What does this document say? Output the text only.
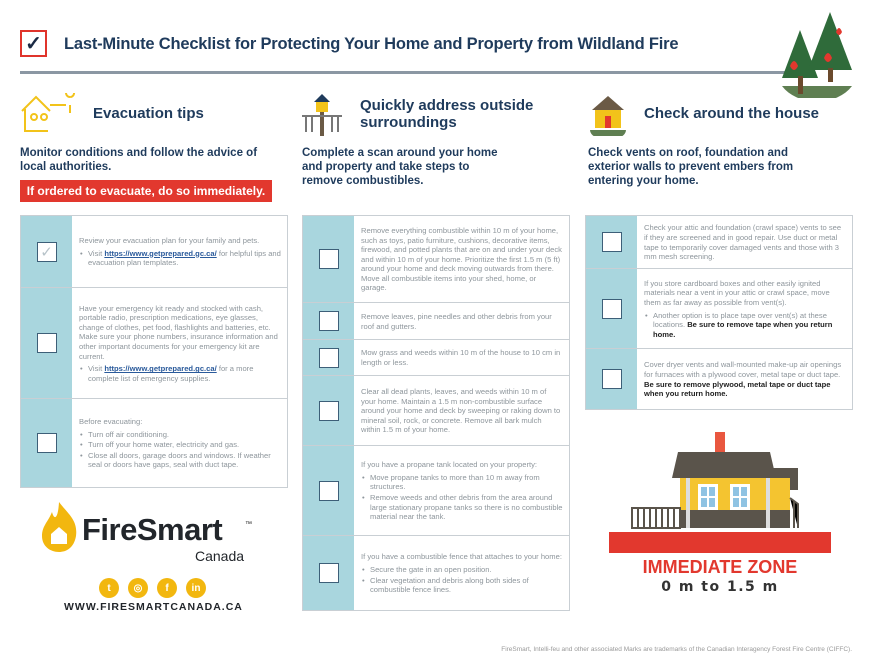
✓	Last-Minute Checklist for Protecting Your Home and Property from Wildland Fire
Evacuation tips	Quickly address outside surroundings
Check around the house
Monitor conditions and follow the advice of local authorities.
Complete a scan around your home and property and take steps to remove combustibles.
Check vents on roof, foundation and exterior walls to prevent embers from entering your home.
If ordered to evacuate, do so immediately.
✓
Review your evacuation plan for your family and pets.
• Visit https://www.getprepared.gc.ca/ for helpful tips and evacuation plan templates.
Have your emergency kit ready and stocked with cash, portable radio, prescription medications, eye glasses, change of clothes, pet food, flashlights and batteries, etc. Make sure your phone numbers, insurance information and other important documents for your emergency kit are current.
• Visit https://www.getprepared.gc.ca/ for a more complete list of emergency supplies.
Before evacuating:
• Turn off air conditioning.
• Turn off your home water, electricity and gas.
• Close all doors, garage doors and windows. If weather seal or doors have gaps, seal with duct tape.
Remove everything combustible within 10 m of your home, such as toys, patio furniture, cushions, decorative items, firewood, and potted plants that are on and under your deck and within 10 m of your home. Prioritize the first 1.5 m (5 ft) around your home and deck moving outwards from there. Move all combustible items into your shed, home, or garage.
Remove leaves, pine needles and other debris from your roof and gutters.
Mow grass and weeds within 10 m of the house to 10 cm in length or less.
Clear all dead plants, leaves, and weeds within 10 m of your home. Maintain a 1.5 m non-combustible surface around your home and deck by sweeping or raking down to mineral soil, rock, or concrete. Remove all bark mulch within 1.5 m of your home.
If you have a propane tank located on your property:
• Move propane tanks to more than 10 m away from structures.
• Remove weeds and other debris from the area around large stationary propane tanks so there is no combustible material near the tank.
If you have a combustible fence that attaches to your home:
• Secure the gate in an open position.
• Clear vegetation and debris along both sides of combustible fence lines.
Check your attic and foundation (crawl space) vents to see if they are screened and in good repair. Use duct or metal tape to temporarily cover damaged vents and those with 3 mm mesh screening.
If you store cardboard boxes and other easily ignited materials near a vent in your attic or crawl space, move them as far away as possible from vent(s).
• Another option is to place tape over vent(s) at these locations. Be sure to remove tape when you return home.
Cover dryer vents and wall-mounted make-up air openings for furnaces with a plywood cover, metal tape or duct tape. Be sure to remove plywood, metal tape or duct tape when you return home.
FireSmart	™
Canada
t	◎	f	in
WWW.FIRESMARTCANADA.CA
IMMEDIATE ZONE
0 m to 1.5 m
FireSmart, Intelli-feu and other associated Marks are trademarks of the Canadian Interagency Forest Fire Centre (CIFFC).
